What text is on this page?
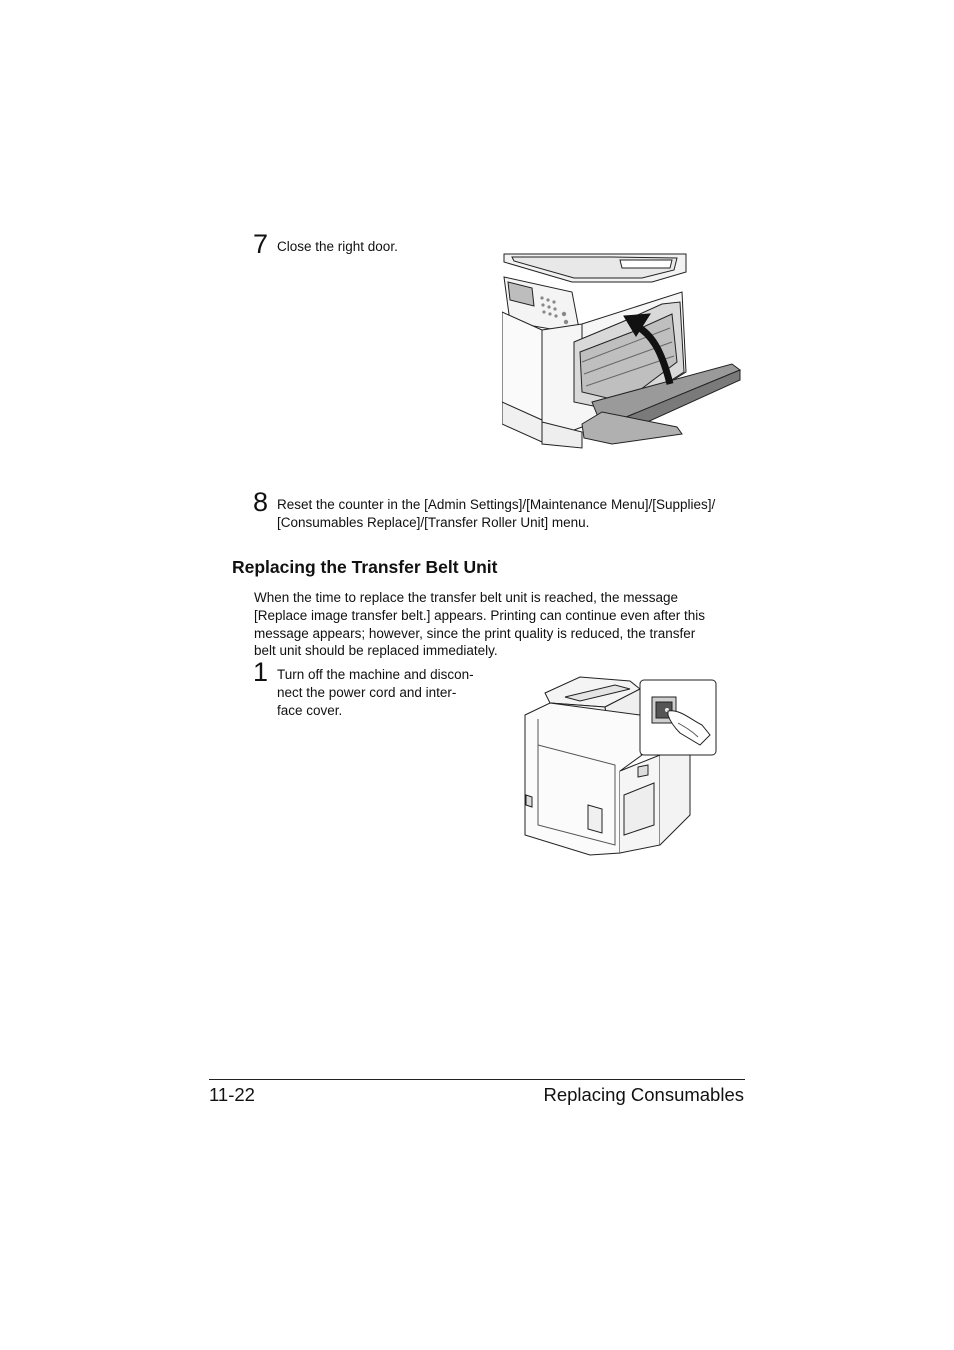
7 Close the right door.
8 Reset the counter in the [Admin Settings]/[Maintenance Menu]/[Supplies]/
[Consumables Replace]/[Transfer Roller Unit] menu.
Replacing the Transfer Belt Unit
When the time to replace the transfer belt unit is reached, the message
[Replace image transfer belt.] appears. Printing can continue even after this
message appears; however, since the print quality is reduced, the transfer
belt unit should be replaced immediately.
1 Turn off the machine and discon-
nect the power cord and inter-
face cover.
11-22	Replacing Consumables
